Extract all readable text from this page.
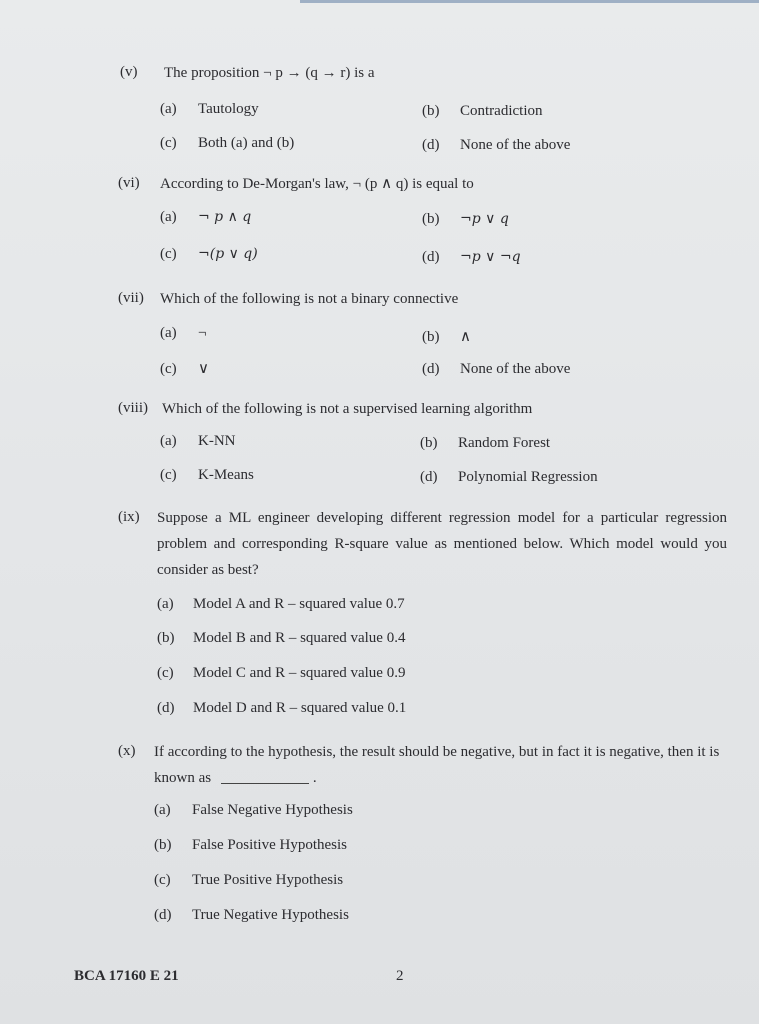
(v) The proposition ¬ p → (q → r) is a
(a) Tautology	(b) Contradiction
(c) Both (a) and (b)	(d) None of the above
(vi) According to De-Morgan's law, ¬ (p ∧ q) is equal to
(a) ¬ p ∧ q	(b) ¬p ∨ q
(c) ¬(p ∨ q)	(d) ¬p ∨ ¬q
(vii) Which of the following is not a binary connective
(a) ¬	(b) ∧
(c) ∨	(d) None of the above
(viii) Which of the following is not a supervised learning algorithm
(a) K-NN	(b) Random Forest
(c) K-Means	(d) Polynomial Regression
(ix) Suppose a ML engineer developing different regression model for a particular regression problem and corresponding R-square value as mentioned below. Which model would you consider as best?
(a) Model A and R – squared value 0.7
(b) Model B and R – squared value 0.4
(c) Model C and R – squared value 0.9
(d) Model D and R – squared value 0.1
(x) If according to the hypothesis, the result should be negative, but in fact it is negative, then it is known as	.
(a) False Negative Hypothesis
(b) False Positive Hypothesis
(c) True Positive Hypothesis
(d) True Negative Hypothesis
BCA 17160 E 21	2
